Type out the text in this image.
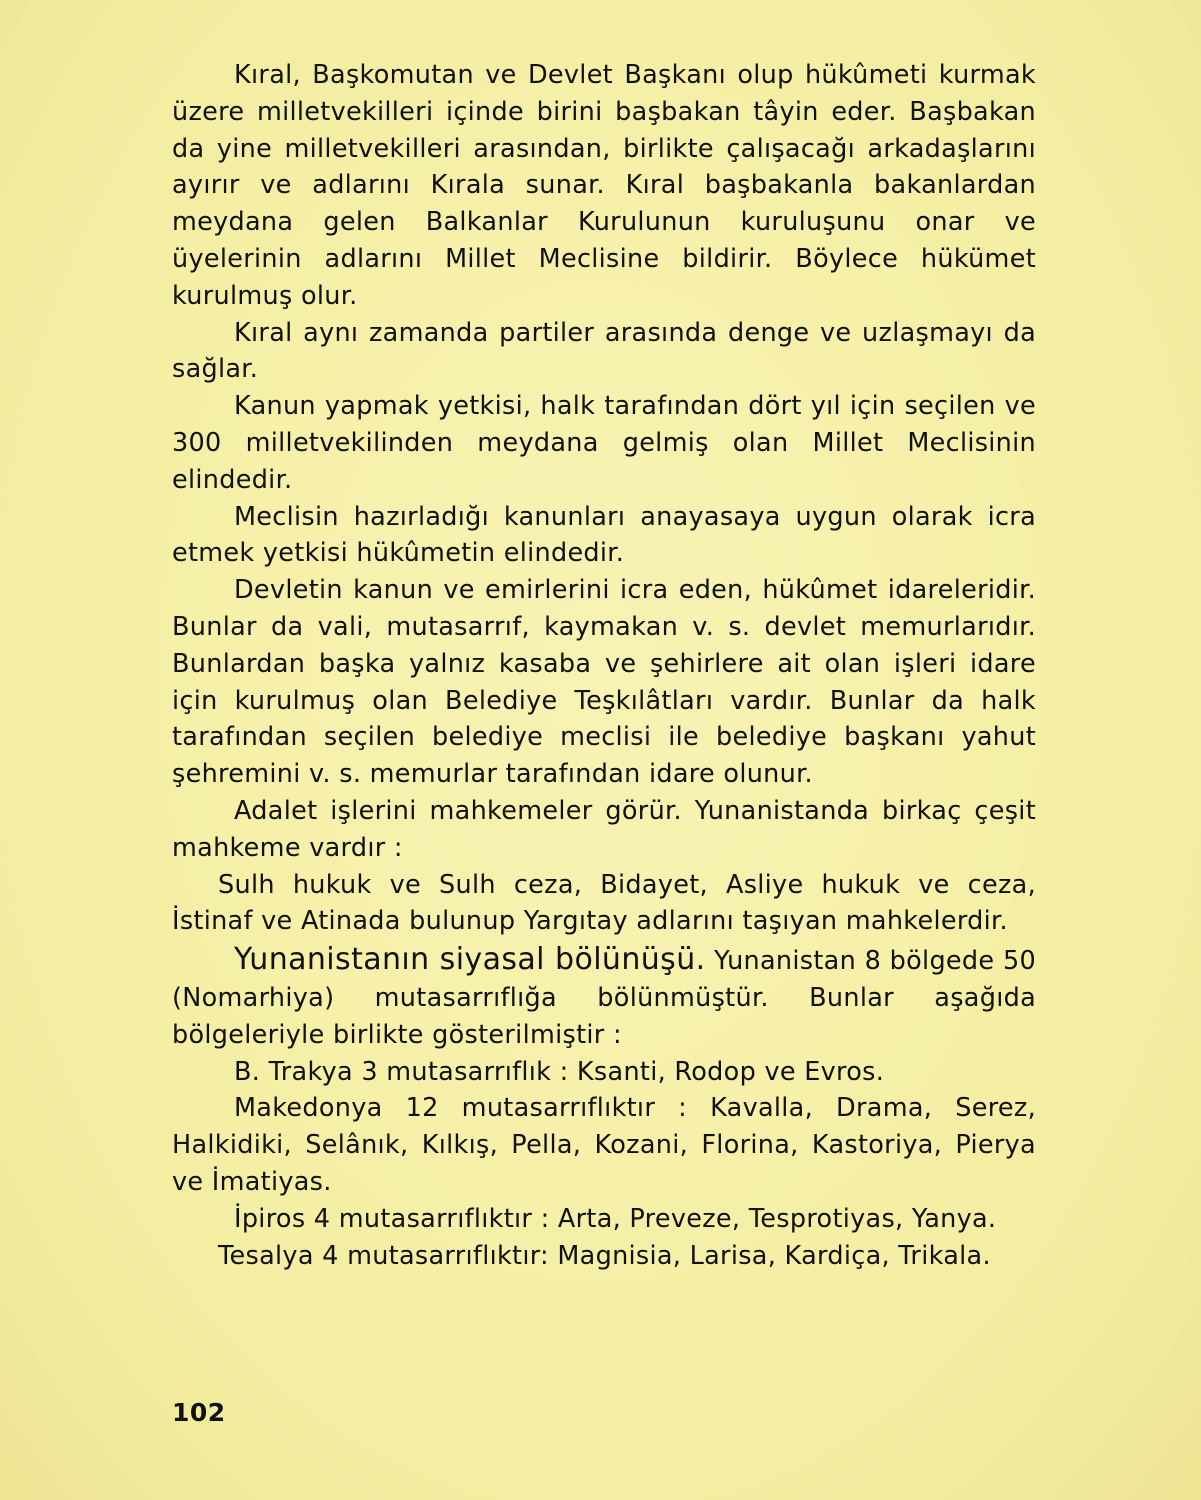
Kıral, Başkomutan ve Devlet Başkanı olup hükûmeti kurmak üzere milletvekilleri içinde birini başbakan tâyin eder. Başbakan da yine milletvekilleri arasından, birlikte çalışacağı arkadaşlarını ayırır ve adlarını Kırala sunar. Kıral başbakanla bakanlardan meydana gelen Balkanlar Kurulunun kuruluşunu onar ve üyelerinin adlarını Millet Meclisine bildirir. Böylece hükümet kurulmuş olur.

Kıral aynı zamanda partiler arasında denge ve uzlaşmayı da sağlar.

Kanun yapmak yetkisi, halk tarafından dört yıl için seçilen ve 300 milletvekilinden meydana gelmiş olan Millet Meclisinin elindedir.

Meclisin hazırladığı kanunları anayasaya uygun olarak icra etmek yetkisi hükûmetin elindedir.

Devletin kanun ve emirlerini icra eden, hükûmet idareleridir. Bunlar da vali, mutasarrıf, kaymakan v. s. devlet memurlarıdır. Bunlardan başka yalnız kasaba ve şehirlere ait olan işleri idare için kurulmuş olan Belediye Teşkılâtları vardır. Bunlar da halk tarafından seçilen belediye meclisi ile belediye başkanı yahut şehremini v. s. memurlar tarafından idare olunur.

Adalet işlerini mahkemeler görür. Yunanistanda birkaç çeşit mahkeme vardır :

Sulh hukuk ve Sulh ceza, Bidayet, Asliye hukuk ve ceza, İstinaf ve Atinada bulunup Yargıtay adlarını taşıyan mahkelerdir.

Yunanistanın siyasal bölünüşü. Yunanistan 8 bölgede 50 (Nomarhiya) mutasarrıflığa bölünmüştür. Bunlar aşağıda bölgeleriyle birlikte gösterilmiştir :

B. Trakya 3 mutasarrıflık : Ksanti, Rodop ve Evros.

Makedonya 12 mutasarrıflıktır : Kavalla, Drama, Serez, Halkidiki, Selânık, Kılkış, Pella, Kozani, Florina, Kastoriya, Pierya ve İmatiyas.

İpiros 4 mutasarrıflıktır : Arta, Preveze, Tesprotiyas, Yanya.

Tesalya 4 mutasarrıflıktır: Magnisia, Larisa, Kardiça, Trikala.

102
